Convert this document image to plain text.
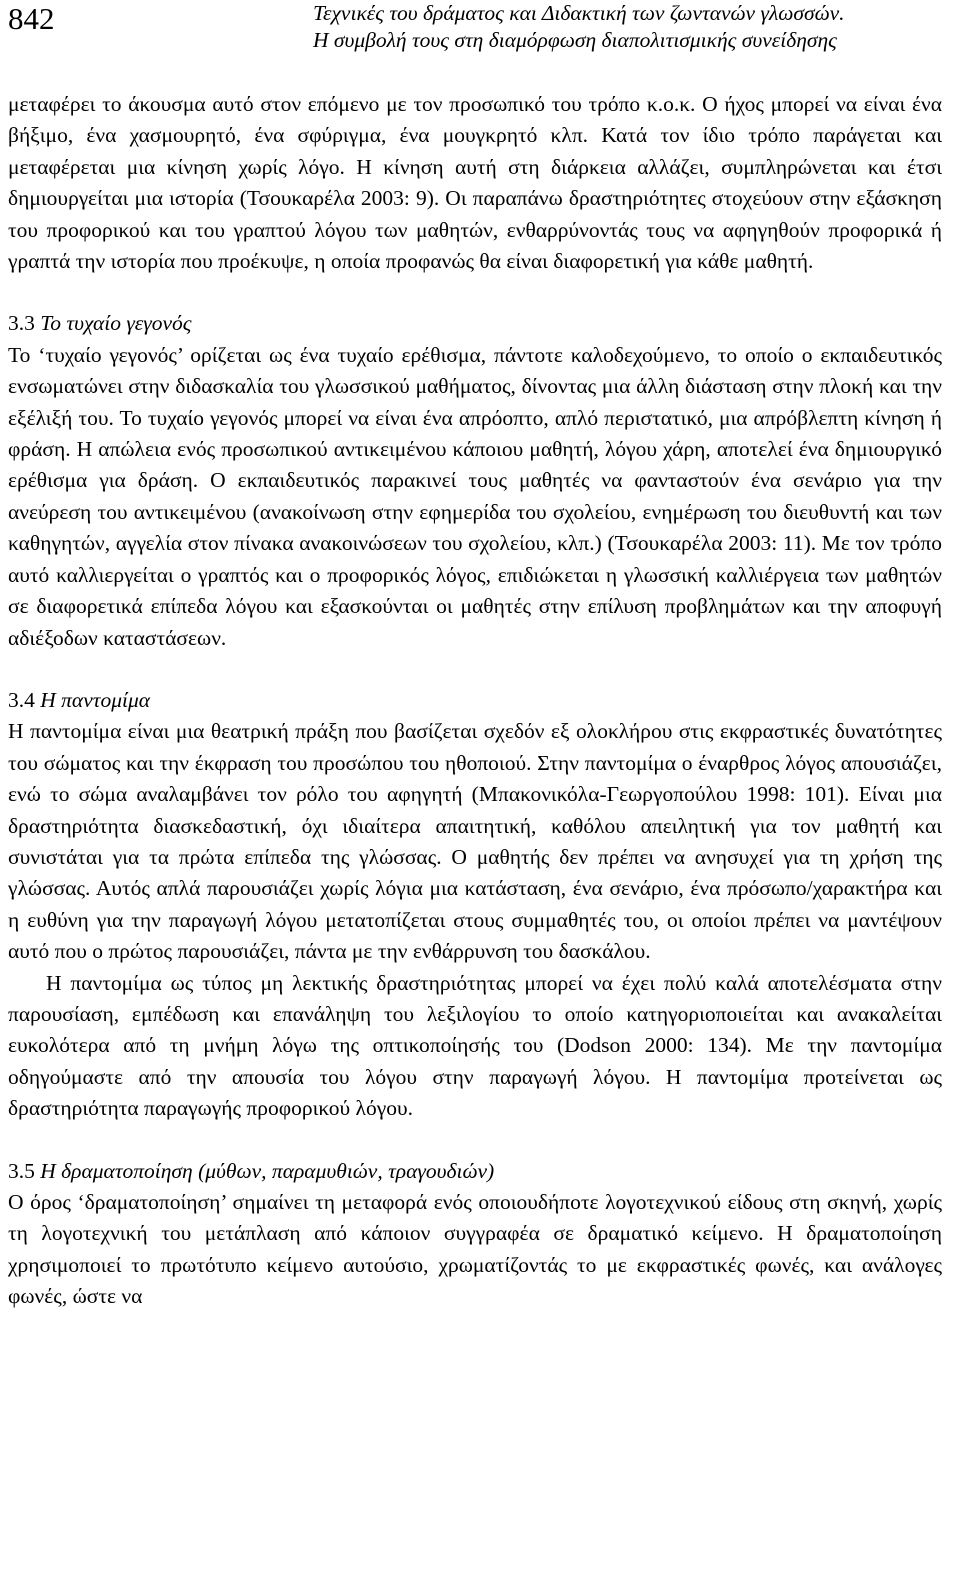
842	Τεχνικές του δράματος και Διδακτική των ζωντανών γλωσσών.
Η συμβολή τους στη διαμόρφωση διαπολιτισμικής συνείδησης

μεταφέρει το άκουσμα αυτό στον επόμενο με τον προσωπικό του τρόπο κ.ο.κ. Ο ήχος μπορεί να είναι ένα βήξιμο, ένα χασμουρητό, ένα σφύριγμα, ένα μουγκρητό κλπ. Κατά τον ίδιο τρόπο παράγεται και μεταφέρεται μια κίνηση χωρίς λόγο. Η κίνηση αυτή στη διάρκεια αλλάζει, συμπληρώνεται και έτσι δημιουργείται μια ιστορία (Τσουκαρέλα 2003: 9). Οι παραπάνω δραστηριότητες στοχεύουν στην εξάσκηση του προφορικού και του γραπτού λόγου των μαθητών, ενθαρρύνοντάς τους να αφηγηθούν προφορικά ή γραπτά την ιστορία που προέκυψε, η οποία προφανώς θα είναι διαφορετική για κάθε μαθητή.

3.3 Το τυχαίο γεγονός

Το ‘τυχαίο γεγονός’ ορίζεται ως ένα τυχαίο ερέθισμα, πάντοτε καλοδεχούμενο, το οποίο ο εκπαιδευτικός ενσωματώνει στην διδασκαλία του γλωσσικού μαθήματος, δίνοντας μια άλλη διάσταση στην πλοκή και την εξέλιξή του. Το τυχαίο γεγονός μπορεί να είναι ένα απρόοπτο, απλό περιστατικό, μια απρόβλεπτη κίνηση ή φράση. Η απώλεια ενός προσωπικού αντικειμένου κάποιου μαθητή, λόγου χάρη, αποτελεί ένα δημιουργικό ερέθισμα για δράση. Ο εκπαιδευτικός παρακινεί τους μαθητές να φανταστούν ένα σενάριο για την ανεύρεση του αντικειμένου (ανακοίνωση στην εφημερίδα του σχολείου, ενημέρωση του διευθυντή και των καθηγητών, αγγελία στον πίνακα ανακοινώσεων του σχολείου, κλπ.) (Τσουκαρέλα 2003: 11). Με τον τρόπο αυτό καλλιεργείται ο γραπτός και ο προφορικός λόγος, επιδιώκεται η γλωσσική καλλιέργεια των μαθητών σε διαφορετικά επίπεδα λόγου και εξασκούνται οι μαθητές στην επίλυση προβλημάτων και την αποφυγή αδιέξοδων καταστάσεων.

3.4 Η παντομίμα

Η παντομίμα είναι μια θεατρική πράξη που βασίζεται σχεδόν εξ ολοκλήρου στις εκφραστικές δυνατότητες του σώματος και την έκφραση του προσώπου του ηθοποιού. Στην παντομίμα ο έναρθρος λόγος απουσιάζει, ενώ το σώμα αναλαμβάνει τον ρόλο του αφηγητή (Μπακονικόλα-Γεωργοπούλου 1998: 101). Είναι μια δραστηριότητα διασκεδαστική, όχι ιδιαίτερα απαιτητική, καθόλου απειλητική για τον μαθητή και συνιστάται για τα πρώτα επίπεδα της γλώσσας. Ο μαθητής δεν πρέπει να ανησυχεί για τη χρήση της γλώσσας. Αυτός απλά παρουσιάζει χωρίς λόγια μια κατάσταση, ένα σενάριο, ένα πρόσωπο/χαρακτήρα και η ευθύνη για την παραγωγή λόγου μετατοπίζεται στους συμμαθητές του, οι οποίοι πρέπει να μαντέψουν αυτό που ο πρώτος παρουσιάζει, πάντα με την ενθάρρυνση του δασκάλου.

Η παντομίμα ως τύπος μη λεκτικής δραστηριότητας μπορεί να έχει πολύ καλά αποτελέσματα στην παρουσίαση, εμπέδωση και επανάληψη του λεξιλογίου το οποίο κατηγοριοποιείται και ανακαλείται ευκολότερα από τη μνήμη λόγω της οπτικοποίησής του (Dodson 2000: 134). Με την παντομίμα οδηγούμαστε από την απουσία του λόγου στην παραγωγή λόγου. Η παντομίμα προτείνεται ως δραστηριότητα παραγωγής προφορικού λόγου.

3.5 Η δραματοποίηση (μύθων, παραμυθιών, τραγουδιών)

Ο όρος ‘δραματοποίηση’ σημαίνει τη μεταφορά ενός οποιουδήποτε λογοτεχνικού είδους στη σκηνή, χωρίς τη λογοτεχνική του μετάπλαση από κάποιον συγγραφέα σε δραματικό κείμενο. Η δραματοποίηση χρησιμοποιεί το πρωτότυπο κείμενο αυτούσιο, χρωματίζοντάς το με εκφραστικές φωνές, και ανάλογες φωνές, ώστε να
